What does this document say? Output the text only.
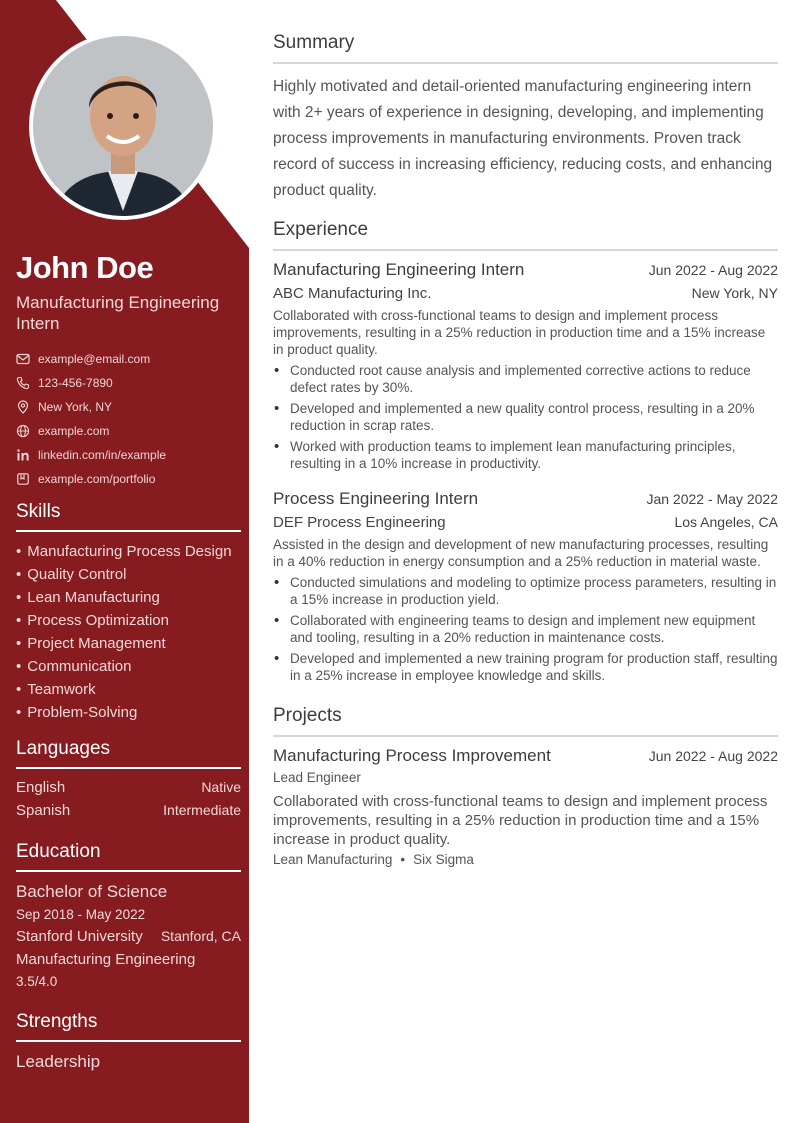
John Doe
Manufacturing Engineering Intern
example@email.com
123-456-7890
New York, NY
example.com
linkedin.com/in/example
example.com/portfolio
Skills
• Manufacturing Process Design
• Quality Control
• Lean Manufacturing
• Process Optimization
• Project Management
• Communication
• Teamwork
• Problem-Solving
Languages
English	Native
Spanish	Intermediate
Education
Bachelor of Science
Sep 2018 - May 2022
Stanford University Stanford, CA
Manufacturing Engineering
3.5/4.0
Strengths
Leadership
Summary
Highly motivated and detail-oriented manufacturing engineering intern with 2+ years of experience in designing, developing, and implementing process improvements in manufacturing environments. Proven track record of success in increasing efficiency, reducing costs, and enhancing product quality.
Experience
Manufacturing Engineering Intern	Jun 2022 - Aug 2022
ABC Manufacturing Inc.	New York, NY
Collaborated with cross-functional teams to design and implement process improvements, resulting in a 25% reduction in production time and a 15% increase in product quality.
• Conducted root cause analysis and implemented corrective actions to reduce defect rates by 30%.
• Developed and implemented a new quality control process, resulting in a 20% reduction in scrap rates.
• Worked with production teams to implement lean manufacturing principles, resulting in a 10% increase in productivity.
Process Engineering Intern	Jan 2022 - May 2022
DEF Process Engineering	Los Angeles, CA
Assisted in the design and development of new manufacturing processes, resulting in a 40% reduction in energy consumption and a 25% reduction in material waste.
• Conducted simulations and modeling to optimize process parameters, resulting in a 15% increase in production yield.
• Collaborated with engineering teams to design and implement new equipment and tooling, resulting in a 20% reduction in maintenance costs.
• Developed and implemented a new training program for production staff, resulting in a 25% increase in employee knowledge and skills.
Projects
Manufacturing Process Improvement	Jun 2022 - Aug 2022
Lead Engineer
Collaborated with cross-functional teams to design and implement process improvements, resulting in a 25% reduction in production time and a 15% increase in product quality.
Lean Manufacturing • Six Sigma
